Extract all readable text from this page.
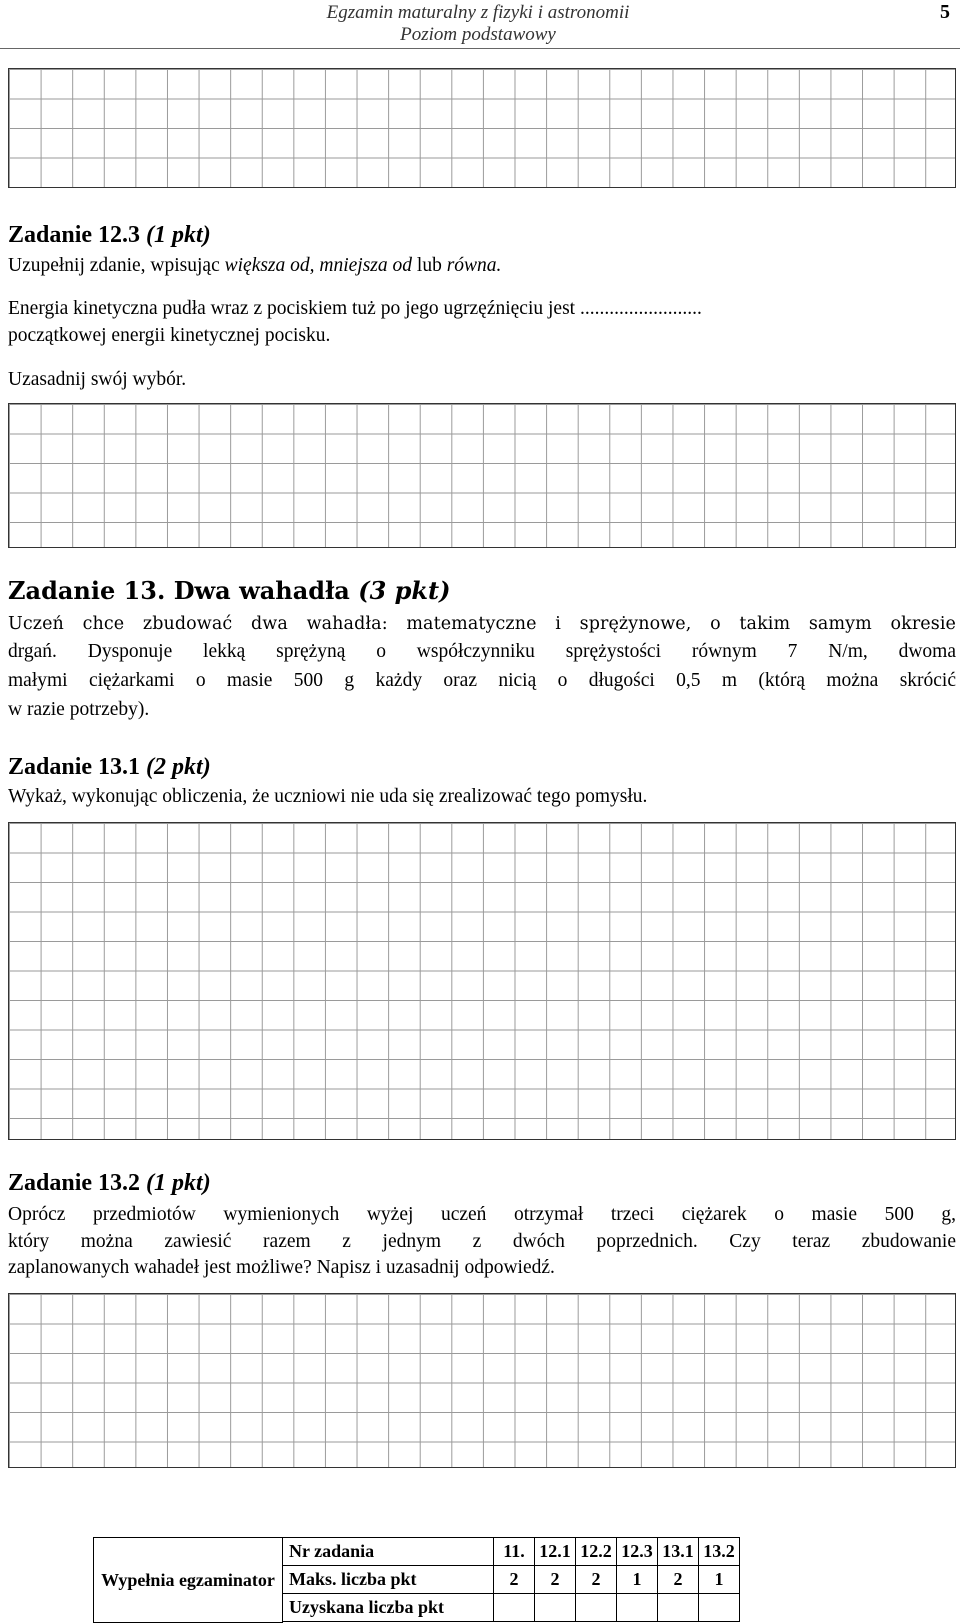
Egzamin maturalny z fizyki i astronomii
Poziom podstawowy
5
Zadanie 12.3 (1 pkt)
Uzupełnij zdanie, wpisując większa od, mniejsza od lub równa.
Energia kinetyczna pudła wraz z pociskiem tuż po jego ugrzęźnięciu jest .........................
początkowej energii kinetycznej pocisku.
Uzasadnij swój wybór.
Zadanie 13. Dwa wahadła (3 pkt)
Uczeń chce zbudować dwa wahadła: matematyczne i sprężynowe, o takim samym okresie
drgań. Dysponuje lekką sprężyną o współczynniku sprężystości równym 7 N/m, dwoma
małymi ciężarkami o masie 500 g każdy oraz nicią o długości 0,5 m (którą można skrócić
w razie potrzeby).
Zadanie 13.1 (2 pkt)
Wykaż, wykonując obliczenia, że uczniowi nie uda się zrealizować tego pomysłu.
Zadanie 13.2 (1 pkt)
Oprócz przedmiotów wymienionych wyżej uczeń otrzymał trzeci ciężarek o masie 500 g,
który można zawiesić razem z jednym z dwóch poprzednich. Czy teraz zbudowanie
zaplanowanych wahadeł jest możliwe? Napisz i uzasadnij odpowiedź.
Wypełnia egzaminator
Nr zadania	11.	12.1	12.2	12.3	13.1	13.2
Maks. liczba pkt	2	2	2	1	2	1
Uzyskana liczba pkt						
